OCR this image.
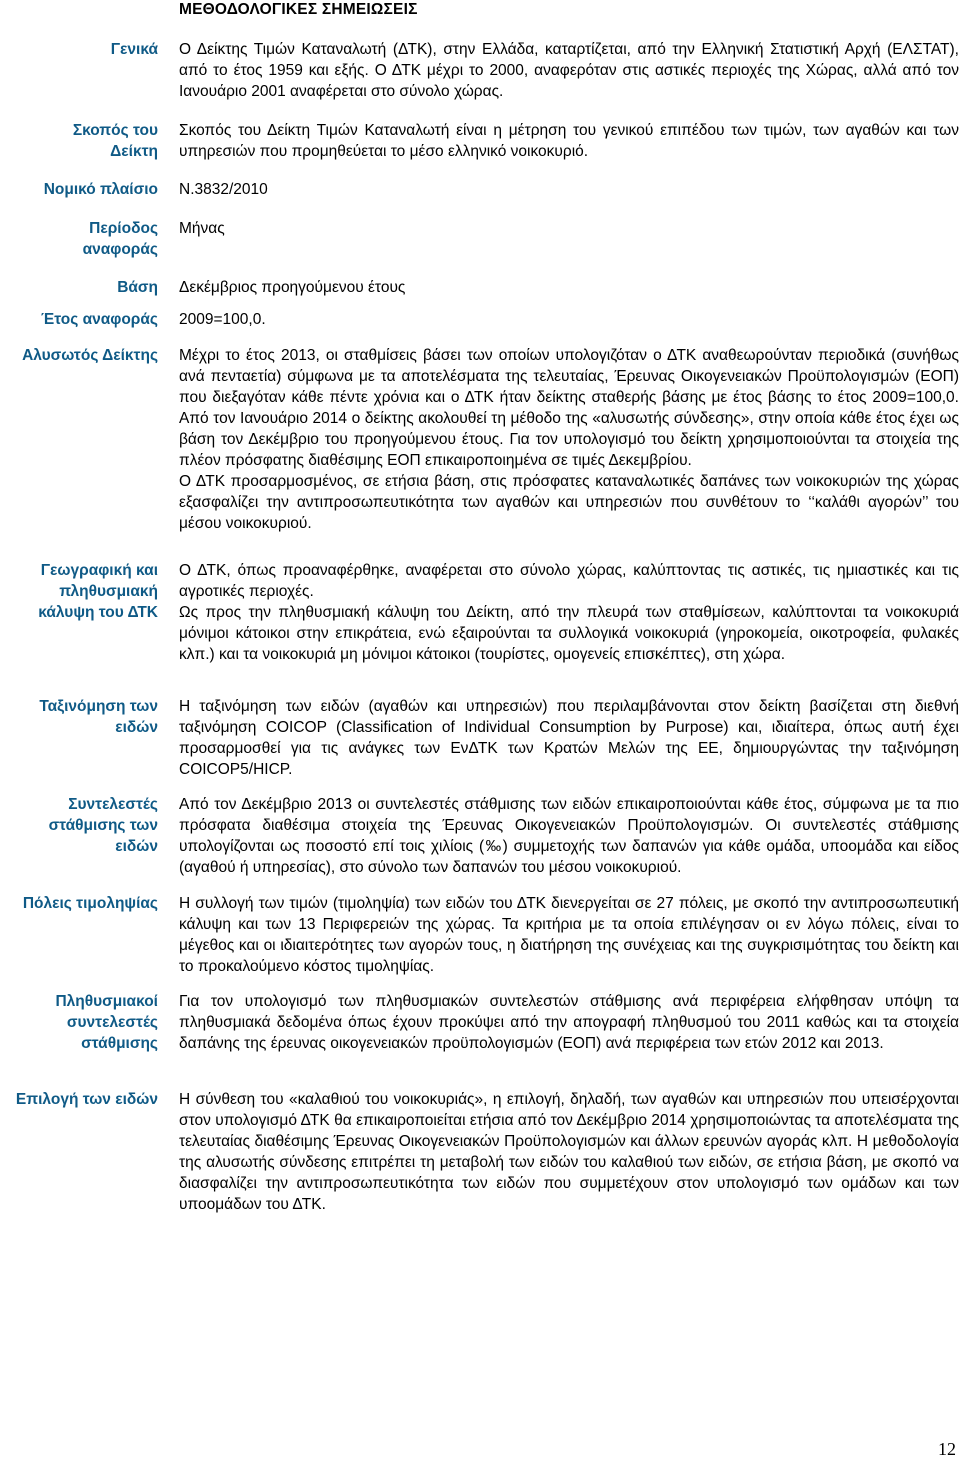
ΜΕΘΟΔΟΛΟΓΙΚΕΣ ΣΗΜΕΙΩΣΕΙΣ
Γενικά Ο Δείκτης Τιμών Καταναλωτή (ΔΤΚ), στην Ελλάδα, καταρτίζεται, από την Ελληνική Στατιστική Αρχή (ΕΛΣΤΑΤ), από το έτος 1959 και εξής. Ο ΔΤΚ μέχρι το 2000, αναφερόταν στις αστικές περιοχές της Χώρας, αλλά από τον Ιανουάριο 2001 αναφέρεται στο σύνολο χώρας.

Σκοπός του
Δείκτη

Σκοπός του Δείκτη Τιμών Καταναλωτή είναι η μέτρηση του γενικού επιπέδου των τιμών, των αγαθών και των υπηρεσιών που προμηθεύεται το μέσο ελληνικό νοικοκυριό.

Νομικό πλαίσιο Ν.3832/2010
Περίοδος
αναφοράς
Μήνας
Βάση Δεκέμβριος προηγούμενου έτους
Έτος αναφοράς 2009=100,0.
Αλυσωτός Δείκτης Μέχρι το έτος 2013, οι σταθμίσεις βάσει των οποίων υπολογιζόταν ο ΔΤΚ αναθεωρούνταν περιοδικά (συνήθως ανά πενταετία) σύμφωνα με τα αποτελέσματα της τελευταίας, Έρευνας Οικογενειακών Προϋπολογισμών (ΕΟΠ) που διεξαγόταν κάθε πέντε χρόνια και ο ΔΤΚ ήταν δείκτης σταθερής βάσης με έτος βάσης το έτος 2009=100,0. Από τον Ιανουάριο 2014 ο δείκτης ακολουθεί τη μέθοδο της «αλυσωτής σύνδεσης», στην οποία κάθε έτος έχει ως βάση τον Δεκέμβριο του προηγούμενου έτους. Για τον υπολογισμό του δείκτη χρησιμοποιούνται τα στοιχεία της πλέον πρόσφατης διαθέσιμης ΕΟΠ επικαιροποιημένα σε τιμές Δεκεμβρίου.

Ο ΔΤΚ προσαρμοσμένος, σε ετήσια βάση, στις πρόσφατες καταναλωτικές δαπάνες των νοικοκυριών της χώρας εξασφαλίζει την αντιπροσωπευτικότητα των αγαθών και υπηρεσιών που συνθέτουν το ‘‘καλάθι αγορών’’ του μέσου νοικοκυριού.

Γεωγραφική και
πληθυσμιακή
κάλυψη του ΔΤΚ

Ο ΔΤΚ, όπως προαναφέρθηκε, αναφέρεται στο σύνολο χώρας, καλύπτοντας τις αστικές, τις ημιαστικές και τις αγροτικές περιοχές.

Ως προς την πληθυσμιακή κάλυψη του Δείκτη, από την πλευρά των σταθμίσεων, καλύπτονται τα νοικοκυριά μόνιμοι κάτοικοι στην επικράτεια, ενώ εξαιρούνται τα συλλογικά νοικοκυριά (γηροκομεία, οικοτροφεία, φυλακές κλπ.) και τα νοικοκυριά μη μόνιμοι κάτοικοι (τουρίστες, ομογενείς επισκέπτες), στη χώρα.

Ταξινόμηση των
ειδών

Η ταξινόμηση των ειδών (αγαθών και υπηρεσιών) που περιλαμβάνονται στον δείκτη βασίζεται στη διεθνή ταξινόμηση COICOP (Classification of Individual Consumption by Purpose) και, ιδιαίτερα, όπως αυτή έχει προσαρμοσθεί για τις ανάγκες των ΕνΔΤΚ των Κρατών Μελών της ΕΕ, δημιουργώντας την ταξινόμηση COICOP5/HICP.

Συντελεστές
στάθμισης των
ειδών

Από τον Δεκέμβριο 2013 οι συντελεστές στάθμισης των ειδών επικαιροποιούνται κάθε έτος, σύμφωνα με τα πιο πρόσφατα διαθέσιμα στοιχεία της Έρευνας Οικογενειακών Προϋπολογισμών. Οι συντελεστές στάθμισης υπολογίζονται ως ποσοστό επί τοις χιλίοις (‰) συμμετοχής των δαπανών για κάθε ομάδα, υποομάδα και είδος (αγαθού ή υπηρεσίας), στο σύνολο των δαπανών του μέσου νοικοκυριού.

Πόλεις τιμοληψίας Η συλλογή των τιμών (τιμοληψία) των ειδών του ΔΤΚ διενεργείται σε 27 πόλεις, με σκοπό την αντιπροσωπευτική κάλυψη και των 13 Περιφερειών της χώρας. Τα κριτήρια με τα οποία επιλέγησαν οι εν λόγω πόλεις, είναι το μέγεθος και οι ιδιαιτερότητες των αγορών τους, η διατήρηση της συνέχειας και της συγκρισιμότητας του δείκτη και το προκαλούμενο κόστος τιμοληψίας.

Πληθυσμιακοί
συντελεστές
στάθμισης

Για τον υπολογισμό των πληθυσμιακών συντελεστών στάθμισης ανά περιφέρεια ελήφθησαν υπόψη τα πληθυσμιακά δεδομένα όπως έχουν προκύψει από την απογραφή πληθυσμού του 2011 καθώς και τα στοιχεία δαπάνης της έρευνας οικογενειακών προϋπολογισμών (ΕΟΠ) ανά περιφέρεια των ετών 2012 και 2013.

Επιλογή των ειδών Η σύνθεση του «καλαθιού του νοικοκυριάς», η επιλογή, δηλαδή, των αγαθών και υπηρεσιών που υπεισέρχονται στον υπολογισμό ΔΤΚ θα επικαιροποιείται ετήσια από τον Δεκέμβριο 2014 χρησιμοποιώντας τα αποτελέσματα της τελευταίας διαθέσιμης Έρευνας Οικογενειακών Προϋπολογισμών και άλλων ερευνών αγοράς κλπ. Η μεθοδολογία της αλυσωτής σύνδεσης επιτρέπει τη μεταβολή των ειδών του καλαθιού των ειδών, σε ετήσια βάση, με σκοπό να διασφαλίζει την αντιπροσωπευτικότητα των ειδών που συμμετέχουν στον υπολογισμό των ομάδων και των υποομάδων του ΔΤΚ.

12
